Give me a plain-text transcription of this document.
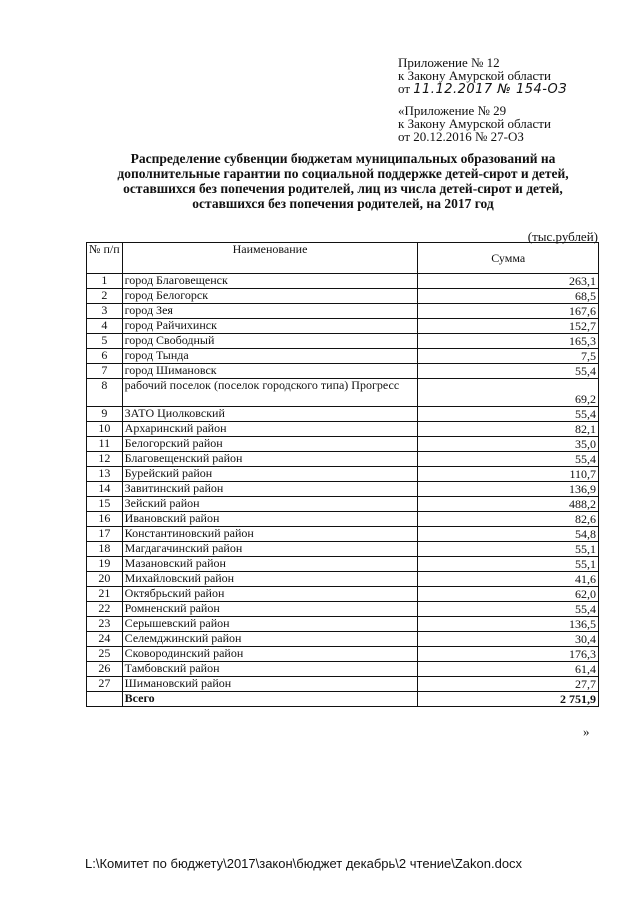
Приложение № 12
к Закону Амурской области
от 11.12.2017 № 154-ОЗ
«Приложение № 29
к Закону Амурской области
от 20.12.2016 № 27-ОЗ
Распределение субвенции бюджетам муниципальных образований на дополнительные гарантии по социальной поддержке детей-сирот и детей, оставшихся без попечения родителей, лиц из числа детей-сирот и детей, оставшихся без попечения родителей, на 2017 год
(тыс.рублей)
№ п/п	Наименование	Сумма
1	город Благовещенск	263,1
2	город Белогорск	68,5
3	город Зея	167,6
4	город Райчихинск	152,7
5	город Свободный	165,3
6	город Тында	7,5
7	город Шимановск	55,4
8	рабочий поселок (поселок городского типа) Прогресс	69,2
9	ЗАТО Циолковский	55,4
10	Архаринский район	82,1
11	Белогорский район	35,0
12	Благовещенский район	55,4
13	Бурейский район	110,7
14	Завитинский район	136,9
15	Зейский район	488,2
16	Ивановский район	82,6
17	Константиновский район	54,8
18	Магдагачинский район	55,1
19	Мазановский район	55,1
20	Михайловский район	41,6
21	Октябрьский район	62,0
22	Ромненский район	55,4
23	Серышевский район	136,5
24	Селемджинский район	30,4
25	Сковородинский район	176,3
26	Тамбовский район	61,4
27	Шимановский район	27,7
	Всего	2 751,9
»
L:\Комитет по бюджету\2017\закон\бюджет декабрь\2 чтение\Zakon.docx
